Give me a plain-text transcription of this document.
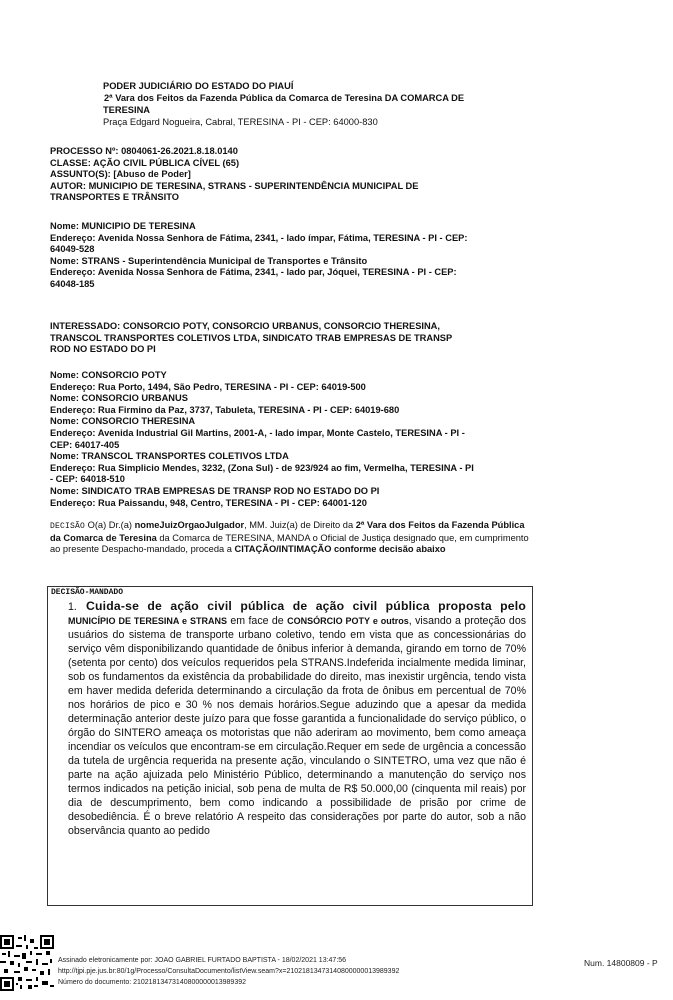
PODER JUDICIÁRIO DO ESTADO DO PIAUÍ
2ª Vara dos Feitos da Fazenda Pública da Comarca de Teresina DA COMARCA DE
TERESINA
Praça Edgard Nogueira, Cabral, TERESINA - PI - CEP: 64000-830
PROCESSO Nº: 0804061-26.2021.8.18.0140
CLASSE: AÇÃO CIVIL PÚBLICA CÍVEL (65)
ASSUNTO(S): [Abuso de Poder]
AUTOR: MUNICIPIO DE TERESINA, STRANS - SUPERINTENDÊNCIA MUNICIPAL DE
TRANSPORTES E TRÂNSITO
Nome: MUNICIPIO DE TERESINA
Endereço: Avenida Nossa Senhora de Fátima, 2341, - lado ímpar, Fátima, TERESINA - PI - CEP:
64049-528
Nome: STRANS - Superintendência Municipal de Transportes e Trânsito
Endereço: Avenida Nossa Senhora de Fátima, 2341, - lado par, Jóquei, TERESINA - PI - CEP:
64048-185
INTERESSADO: CONSORCIO POTY, CONSORCIO URBANUS, CONSORCIO THERESINA,
TRANSCOL TRANSPORTES COLETIVOS LTDA, SINDICATO TRAB EMPRESAS DE TRANSP
ROD NO ESTADO DO PI
Nome: CONSORCIO POTY
Endereço: Rua Porto, 1494, São Pedro, TERESINA - PI - CEP: 64019-500
Nome: CONSORCIO URBANUS
Endereço: Rua Firmino da Paz, 3737, Tabuleta, TERESINA - PI - CEP: 64019-680
Nome: CONSORCIO THERESINA
Endereço: Avenida Industrial Gil Martins, 2001-A, - lado impar, Monte Castelo, TERESINA - PI -
CEP: 64017-405
Nome: TRANSCOL TRANSPORTES COLETIVOS LTDA
Endereço: Rua Simplicio Mendes, 3232, (Zona Sul) - de 923/924 ao fim, Vermelha, TERESINA - PI
- CEP: 64018-510
Nome: SINDICATO TRAB EMPRESAS DE TRANSP ROD NO ESTADO DO PI
Endereço: Rua Paissandu, 948, Centro, TERESINA - PI - CEP: 64001-120
DECISÃO O(a) Dr.(a) nomeJuizOrgaoJulgador, MM. Juiz(a) de Direito da 2ª Vara dos Feitos da Fazenda Pública da Comarca de Teresina da Comarca de TERESINA, MANDA o Oficial de Justiça designado que, em cumprimento ao presente Despacho-mandado, proceda a CITAÇÃO/INTIMAÇÃO conforme decisão abaixo
DECISÃO-MANDADO
1. Cuida-se de ação civil pública de ação civil pública proposta pelo MUNICÍPIO DE TERESINA e STRANS em face de CONSÓRCIO POTY e outros, visando a proteção dos usuários do sistema de transporte urbano coletivo, tendo em vista que as concessionárias do serviço vêm disponibilizando quantidade de ônibus inferior à demanda, girando em torno de 70% (setenta por cento) dos veículos requeridos pela STRANS.Indeferida incialmente medida liminar, sob os fundamentos da existência da probabilidade do direito, mas inexistir urgência, tendo vista em haver medida deferida determinando a circulação da frota de ônibus em percentual de 70% nos horários de pico e 30 % nos demais horários.Segue aduzindo que a apesar da medida determinação anterior deste juízo para que fosse garantida a funcionalidade do serviço público, o órgão do SINTERO ameaça os motoristas que não aderiram ao movimento, bem como ameaça incendiar os veículos que encontram-se em circulação.Requer em sede de urgência a concessão da tutela de urgência requerida na presente ação, vinculando o SINTETRO, uma vez que não é parte na ação ajuizada pelo Ministério Público, determinando a manutenção do serviço nos termos indicados na petição inicial, sob pena de multa de R$ 50.000,00 (cinquenta mil reais) por dia de descumprimento, bem como indicando a possibilidade de prisão por crime de desobediência. É o breve relatório A respeito das considerações por parte do autor, sob a não observância quanto ao pedido
Assinado eletronicamente por: JOAO GABRIEL FURTADO BAPTISTA - 18/02/2021 13:47:56
http://tjpi.pje.jus.br:80/1g/Processo/ConsultaDocumento/listView.seam?x=21021813473140800000013989392
Número do documento: 21021813473140800000013989392
Num. 14800809 - P
